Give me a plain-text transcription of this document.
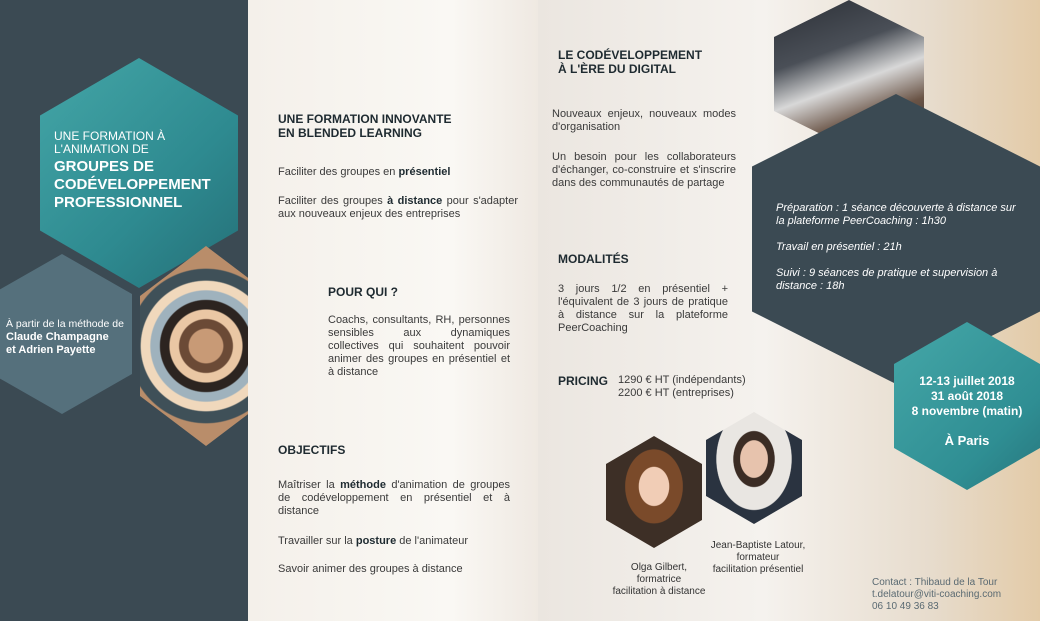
UNE FORMATION À
L'ANIMATION DE
GROUPES DE
CODÉVELOPPEMENT
PROFESSIONNEL
À partir de la méthode de
Claude Champagne
et Adrien Payette
UNE FORMATION INNOVANTE
EN BLENDED LEARNING
Faciliter des groupes en présentiel
Faciliter des groupes à distance pour s'adapter aux nouveaux enjeux des entreprises
POUR QUI ?
Coachs, consultants, RH, personnes sensibles aux dynamiques collectives qui souhaitent pouvoir animer des groupes en présentiel et à distance
OBJECTIFS
Maîtriser la méthode d'animation de groupes de codéveloppement en présentiel et à distance
Travailler sur la posture de l'animateur
Savoir animer des groupes à distance
LE CODÉVELOPPEMENT
À L'ÈRE DU DIGITAL
Nouveaux enjeux, nouveaux modes d'organisation
Un besoin pour les collaborateurs d'échanger, co-construire et s'inscrire dans des communautés de partage
MODALITÉS
3 jours 1/2 en présentiel + l'équivalent de 3 jours de pratique à distance sur la plateforme PeerCoaching
PRICING 1290 € HT (indépendants)
2200 € HT (entreprises)
Préparation : 1 séance découverte à distance sur la plateforme PeerCoaching : 1h30
Travail en présentiel : 21h
Suivi : 9 séances de pratique et supervision à distance : 18h
12-13 juillet 2018
31 août 2018
8 novembre (matin)
À Paris
Olga Gilbert,
formatrice
facilitation à distance
Jean-Baptiste Latour,
formateur
facilitation présentiel
Contact : Thibaud de la Tour
t.delatour@viti-coaching.com
06 10 49 36 83
